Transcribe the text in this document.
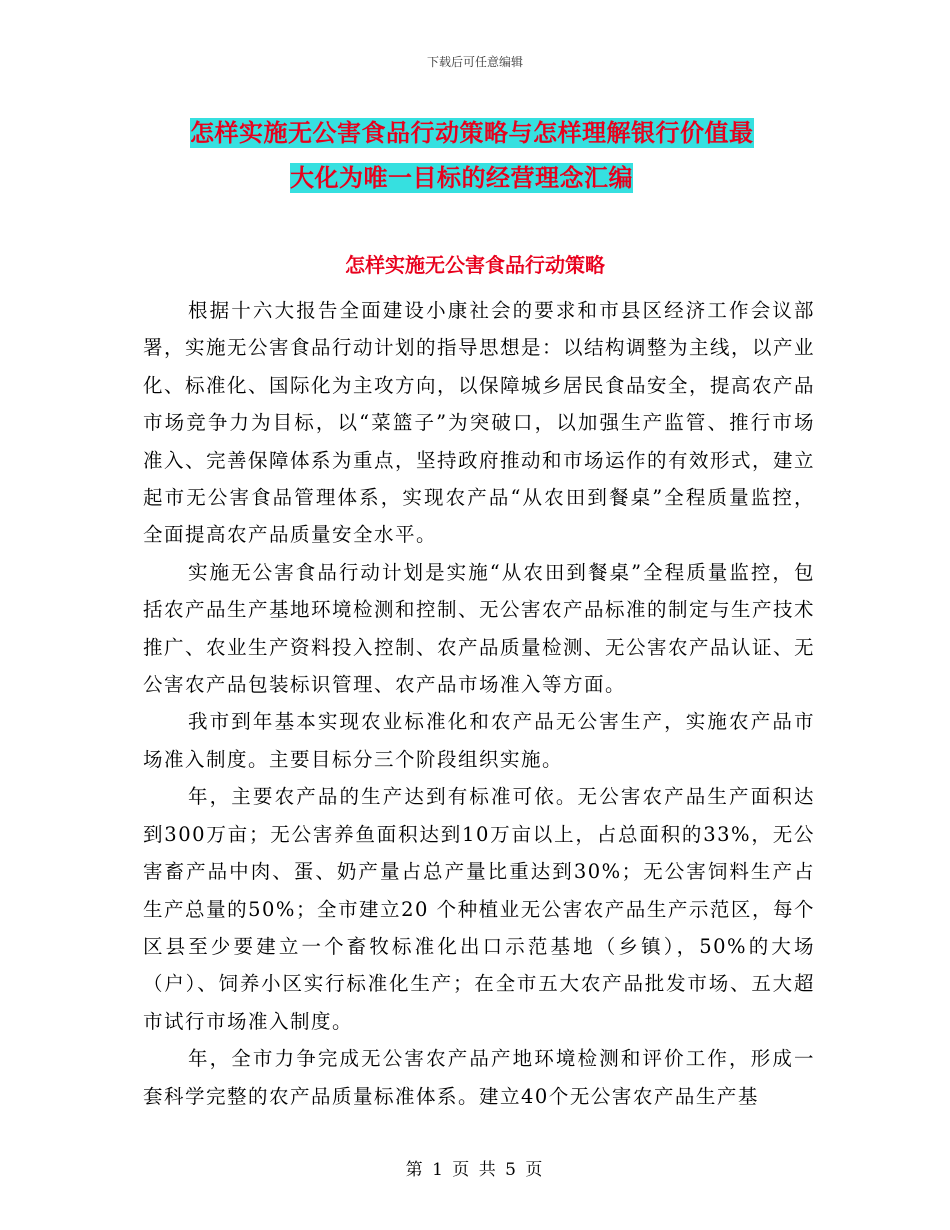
下载后可任意编辑
怎样实施无公害食品行动策略与怎样理解银行价值最
大化为唯一目标的经营理念汇编
怎样实施无公害食品行动策略

根据十六大报告全面建设小康社会的要求和市县区经济工作会议部署，实施无公害食品行动计划的指导思想是：以结构调整为主线，以产业化、标准化、国际化为主攻方向，以保障城乡居民食品安全，提高农产品市场竞争力为目标，以“菜篮子”为突破口，以加强生产监管、推行市场准入、完善保障体系为重点，坚持政府推动和市场运作的有效形式，建立起市无公害食品管理体系，实现农产品“从农田到餐桌”全程质量监控，全面提高农产品质量安全水平。

实施无公害食品行动计划是实施“从农田到餐桌”全程质量监控，包括农产品生产基地环境检测和控制、无公害农产品标准的制定与生产技术推广、农业生产资料投入控制、农产品质量检测、无公害农产品认证、无公害农产品包装标识管理、农产品市场准入等方面。

我市到年基本实现农业标准化和农产品无公害生产，实施农产品市场准入制度。主要目标分三个阶段组织实施。

年，主要农产品的生产达到有标准可依。无公害农产品生产面积达到300万亩；无公害养鱼面积达到10万亩以上，占总面积的33%，无公害畜产品中肉、蛋、奶产量占总产量比重达到30%；无公害饲料生产占生产总量的50%；全市建立20 个种植业无公害农产品生产示范区，每个区县至少要建立一个畜牧标准化出口示范基地（乡镇），50%的大场（户）、饲养小区实行标准化生产；在全市五大农产品批发市场、五大超市试行市场准入制度。

年，全市力争完成无公害农产品产地环境检测和评价工作，形成一套科学完整的农产品质量标准体系。建立40个无公害农产品生产基

第 1 页 共 5 页
